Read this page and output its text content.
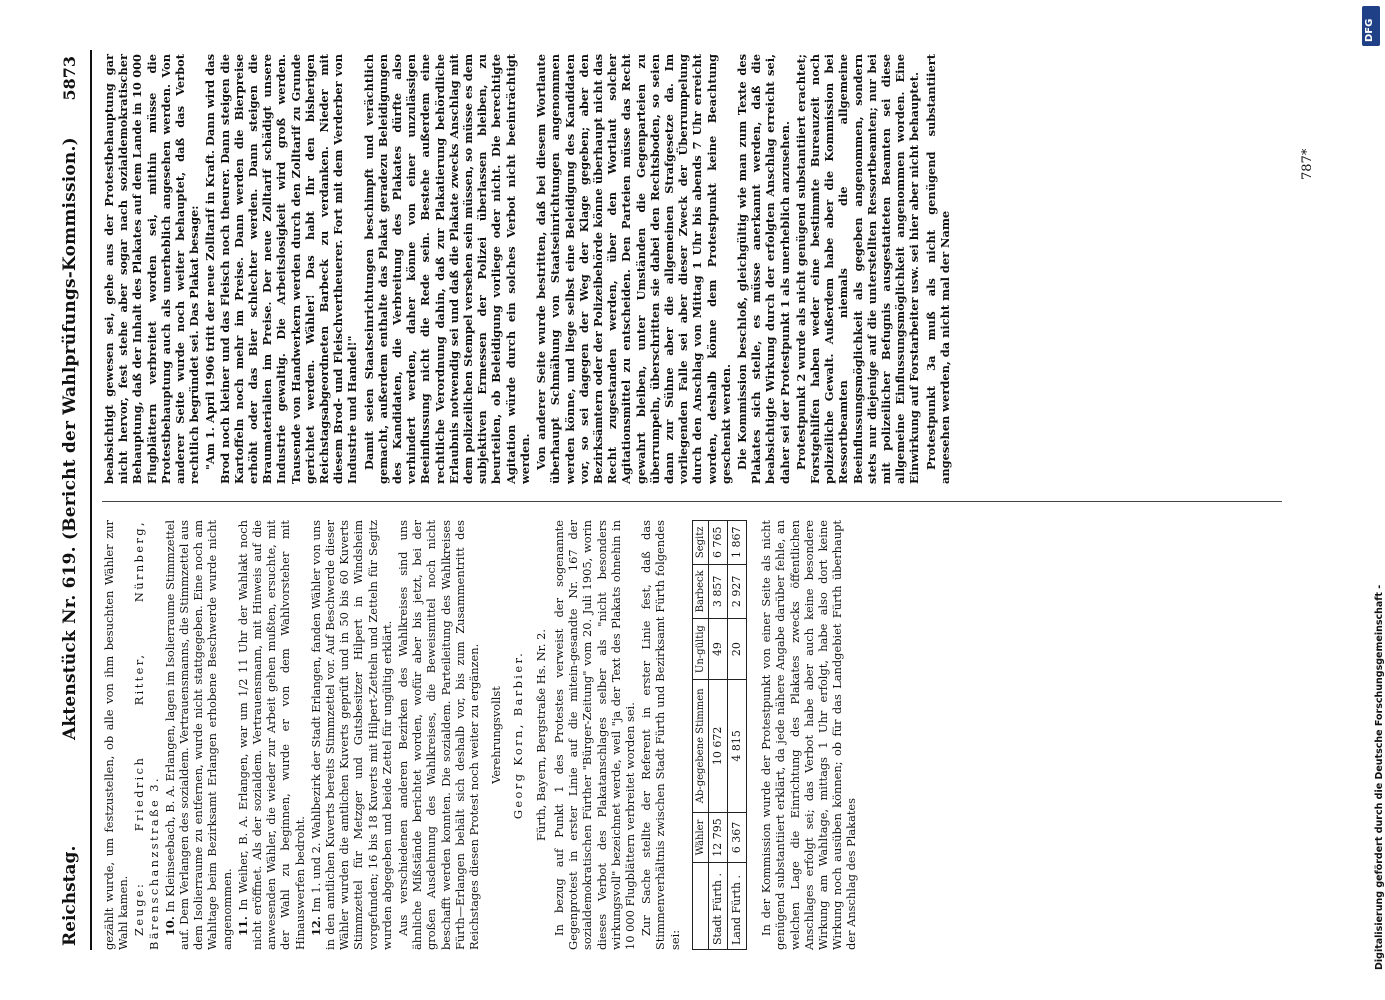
Reichstag.
Aktenstück Nr. 619. (Bericht der Wahlprüfungs-Kommission.)
5873

gezählt wurde, um festzustellen, ob alle von ihm besuchten Wähler zur Wahl kamen. Zeuge: Friedrich Ritter, Nürnberg, Bärenschanzstraße 3. 10. In Kleinseebach, B. A. Erlangen, lagen im Isolierraume Stimmzettel auf. Dem Verlangen des sozialdem. Vertrauensmanns, die Stimmzettel aus dem Isolierraume zu entfernen, wurde nicht stattgegeben. Eine noch am Wahltage beim Bezirksamt Erlangen erhobene Beschwerde wurde nicht angenommen. 11. In Weiher, B. A. Erlangen, war um 1/2 11 Uhr der Wahlakt noch nicht eröffnet. Als der sozialdem. Vertrauensmann, mit Hinweis auf die anwesenden Wähler, die wieder zur Arbeit gehen mußten, ersuchte, mit der Wahl zu beginnen, wurde er von dem Wahlvorsteher mit Hinauswerfen bedroht. 12. Im 1. und 2. Wahlbezirk der Stadt Erlangen, fanden Wähler von uns in den amtlichen Kuverts bereits Stimmzettel vor. Auf Beschwerde dieser Wähler wurden die amtlichen Kuverts geprüft und in 50 bis 60 Kuverts Stimmzettel für Metzger und Gutsbesitzer Hilpert in Windsheim vorgefunden; 16 bis 18 Kuverts mit Hilpert-Zetteln und Zetteln für Segitz wurden abgegeben und beide Zettel für ungültig erklärt. Aus verschiedenen anderen Bezirken des Wahlkreises sind uns ähnliche Mißstände berichtet worden, wofür aber bis jetzt, bei der großen Ausdehnung des Wahlkreises, die Beweismittel noch nicht beschafft werden konnten. Die sozialdem. Parteileitung des Wahlkreises Fürth—Erlangen behält sich deshalb vor, bis zum Zusammentritt des Reichstages diesen Protest noch weiter zu ergänzen. Verehrungsvollst Georg Korn, Barbier. Fürth, Bayern, Bergstraße Hs. Nr. 2. In bezug auf Punkt 1 des Protestes verweist der sogenannte Gegenprotest in erster Linie auf die mitein-gesandte Nr. 167 der sozialdemokratischen Fürther "Bürger-Zeitung" vom 20. Juli 1905, worin dieses Verbot des Plakatanschlages selber als "nicht besonders wirkungsvoll" bezeichnet werde, weil "ja der Text des Plakats ohnehin in 10 000 Flugblättern verbreitet worden sei. Zur Sache stellte der Referent in erster Linie fest, daß das Stimmenverhältnis zwischen Stadt Fürth und Bezirksamt Fürth folgendes sei:

	Wähler	Ab-gegebene Stimmen	Un-gültig	Barbeck	Segitz
Stadt Fürth .	12 795	10 672	49	3 857	6 765
Land Fürth .	6 367	4 815	20	2 927	1 867 In der Kommission wurde der Protestpunkt von einer Seite als nicht genügend substantiiert erklärt, da jede nähere Angabe darüber fehle, an welchen Lage die Einrichtung des Plakates zwecks öffentlichen Anschlages erfolgt sei; das Verbot habe aber auch keine besondere Wirkung am Wahltage, mittags 1 Uhr erfolgt, habe also dort keine Wirkung noch ausüben können; ob für das Landgebiet Fürth überhaupt der Anschlag des Plakates

beabsichtigt gewesen sei, gehe aus der Protestbehauptung gar nicht hervor, fest stehe aber sogar nach sozialdemokratischer Behauptung, daß der Inhalt des Plakates auf dem Lande in 10 000 Flugblättern verbreitet worden sei, mithin müsse die Protestbehauptung auch als unerheblich angesehen werden. Von anderer Seite wurde noch weiter behauptet, daß das Verbot rechtlich begründet sei. Das Plakat besage: "Am 1. April 1906 tritt der neue Zolltarif in Kraft. Dann wird das Brod noch kleiner und das Fleisch noch theurer. Dann steigen die Kartoffeln noch mehr im Preise. Dann werden die Bierpreise erhöht oder das Bier schlechter werden. Dann steigen die Braumaterialien im Preise. Der neue Zolltarif schädigt unsere Industrie gewaltig. Die Arbeitslosigkeit wird groß werden. Tausende von Handwerkern werden durch den Zolltarif zu Grunde gerichtet werden. Wähler! Das habt Ihr den bisherigen Reichstagsabgeordneten Barbeck zu verdanken. Nieder mit diesem Brod- und Fleischvertheuerer. Fort mit dem Verderber von Industrie und Handel!" Damit seien Staatseinrichtungen beschimpft und verächtlich gemacht, außerdem enthalte das Plakat geradezu Beleidigungen des Kandidaten, die Verbreitung des Plakates dürfte also verhindert werden, daher könne von einer unzulässigen Beeinflussung nicht die Rede sein. Bestehe außerdem eine rechtliche Verordnung dahin, daß zur Plakatierung behördliche Erlaubnis notwendig sei und daß die Plakate zwecks Anschlag mit dem polizeilichen Stempel versehen sein müssen, so müsse es dem subjektiven Ermessen der Polizei überlassen bleiben, zu beurteilen, ob Beleidigung vorliege oder nicht. Die berechtigte Agitation würde durch ein solches Verbot nicht beeinträchtigt werden. Von anderer Seite wurde bestritten, daß bei diesem Wortlaute überhaupt Schmähung von Staatseinrichtungen angenommen werden könne, und liege selbst eine Beleidigung des Kandidaten vor, so sei dagegen der Weg der Klage gegeben; aber den Bezirksämtern oder der Polizeibehörde könne überhaupt nicht das Recht zugestanden werden, über den Wortlaut solcher Agitationsmittel zu entscheiden. Den Parteien müsse das Recht gewahrt bleiben, unter Umständen die Gegenparteien zu überrumpeln, überschritten sie dabei den Rechtsboden, so seien dann zur Sühne aber die allgemeinen Strafgesetze da. Im vorliegenden Falle sei aber dieser Zweck der Überrumpelung durch den Anschlag von Mittag 1 Uhr bis abends 7 Uhr erreicht worden, deshalb könne dem Protestpunkt keine Beachtung geschenkt werden. Die Kommission beschloß, gleichgültig wie man zum Texte des Plakates sich stelle, es müsse anerkannt werden, daß die beabsichtigte Wirkung durch der erfolgten Anschlag erreicht sei, daher sei der Protestpunkt 1 als unerheblich anzusehen. Protestpunkt 2 wurde als nicht genügend substantiiert erachtet; Forstgehilfen haben weder eine bestimmte Bureauzeit noch polizeiliche Gewalt. Außerdem habe aber die Kommission bei Ressortbeamten niemals die allgemeine Beeinflussungsmöglichkeit als gegeben angenommen, sondern stets nur diejenige auf die unterstellten Ressortbeamten; nur bei mit polizeilicher Befugnis ausgestatteten Beamten sei diese allgemeine Einflussungsmöglichkeit angenommen worden. Eine Einwirkung auf Forstarbeiter usw. sei hier aber nicht behauptet. Protestpunkt 3a muß als nicht genügend substantiiert angesehen werden, da nicht mal der Name

787*
Digitalisierung gefördert durch die Deutsche Forschungsgemeinschaft -
DFG
